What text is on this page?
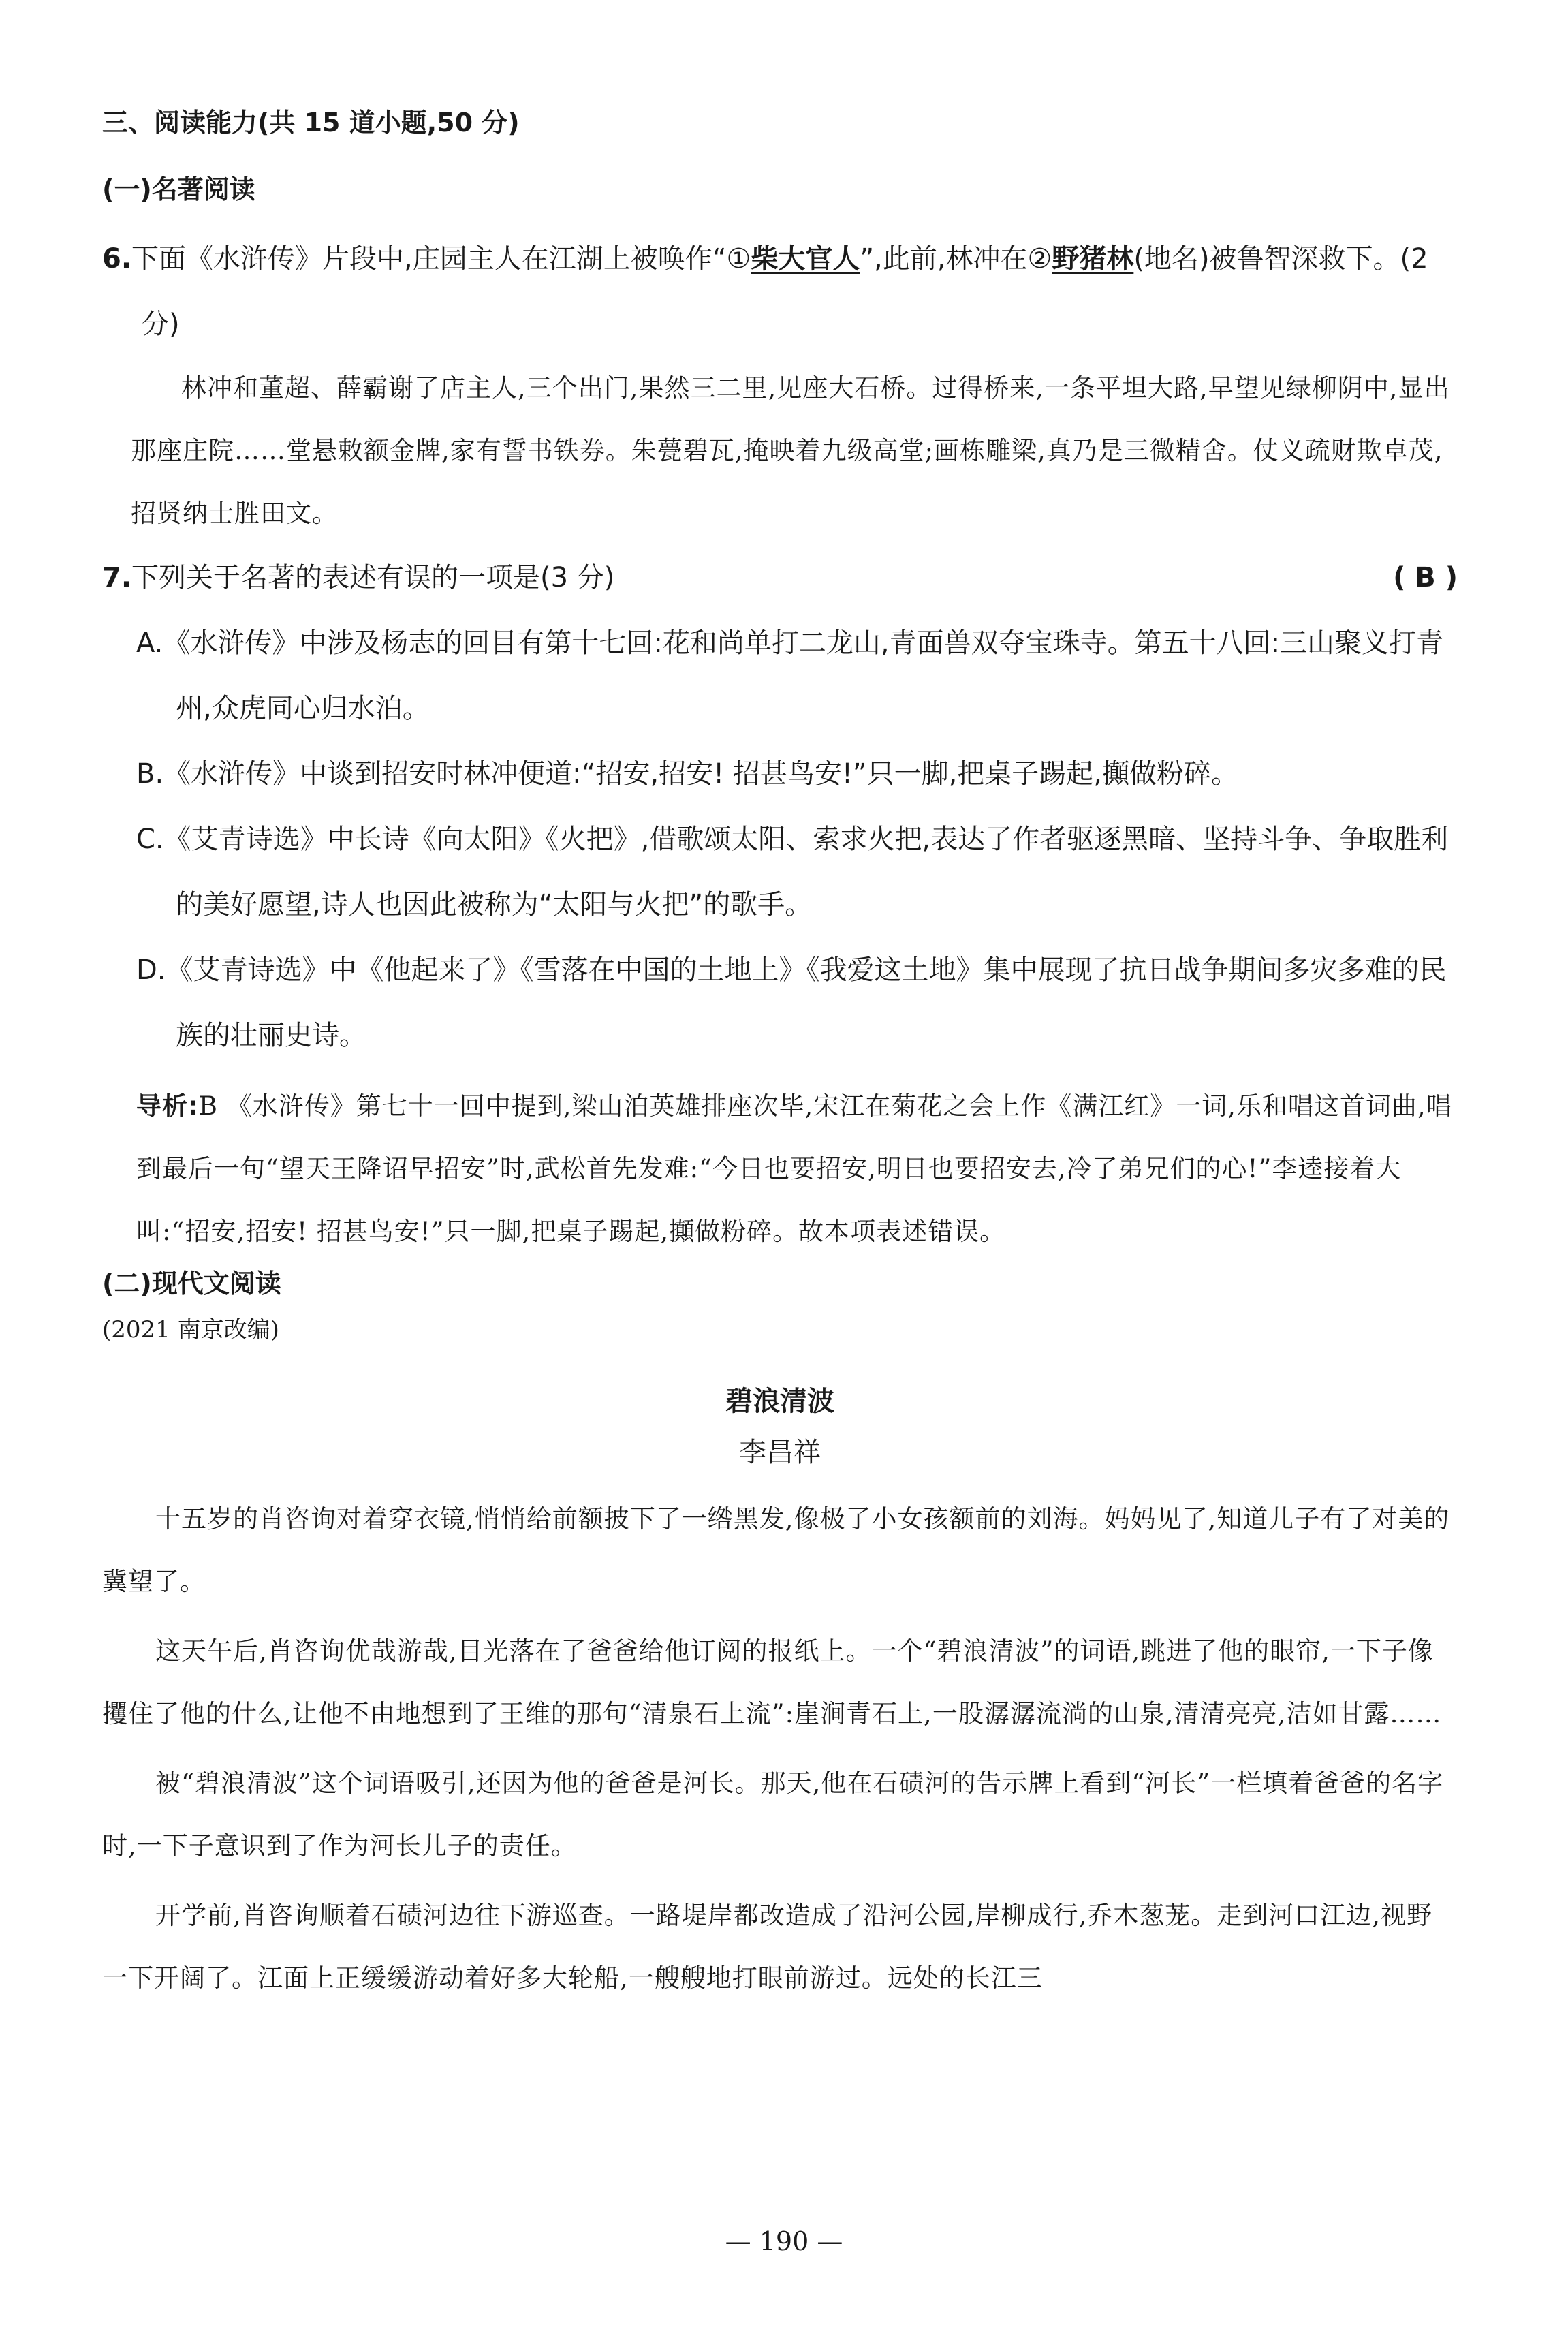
三、阅读能力(共 15 道小题,50 分)

(一)名著阅读

6.下面《水浒传》片段中,庄园主人在江湖上被唤作“①柴大官人”,此前,林冲在②野猪林(地名)被鲁智深救下。(2 分)

林冲和董超、薛霸谢了店主人,三个出门,果然三二里,见座大石桥。过得桥来,一条平坦大路,早望见绿柳阴中,显出那座庄院……堂悬敕额金牌,家有誓书铁券。朱甍碧瓦,掩映着九级高堂;画栋雕梁,真乃是三微精舍。仗义疏财欺卓茂,招贤纳士胜田文。

7.下列关于名著的表述有误的一项是(3 分)	( B )

A.《水浒传》中涉及杨志的回目有第十七回:花和尚单打二龙山,青面兽双夺宝珠寺。第五十八回:三山聚义打青州,众虎同心归水泊。

B.《水浒传》中谈到招安时林冲便道:“招安,招安! 招甚鸟安!”只一脚,把桌子踢起,攧做粉碎。

C.《艾青诗选》中长诗《向太阳》《火把》,借歌颂太阳、索求火把,表达了作者驱逐黑暗、坚持斗争、争取胜利的美好愿望,诗人也因此被称为“太阳与火把”的歌手。

D.《艾青诗选》中《他起来了》《雪落在中国的土地上》《我爱这土地》集中展现了抗日战争期间多灾多难的民族的壮丽史诗。

导析:B 《水浒传》第七十一回中提到,梁山泊英雄排座次毕,宋江在菊花之会上作《满江红》一词,乐和唱这首词曲,唱到最后一句“望天王降诏早招安”时,武松首先发难:“今日也要招安,明日也要招安去,冷了弟兄们的心!”李逵接着大叫:“招安,招安! 招甚鸟安!”只一脚,把桌子踢起,攧做粉碎。故本项表述错误。

(二)现代文阅读

(2021 南京改编)

碧浪清波

李昌祥

十五岁的肖咨询对着穿衣镜,悄悄给前额披下了一绺黑发,像极了小女孩额前的刘海。妈妈见了,知道儿子有了对美的冀望了。

这天午后,肖咨询优哉游哉,目光落在了爸爸给他订阅的报纸上。一个“碧浪清波”的词语,跳进了他的眼帘,一下子像攫住了他的什么,让他不由地想到了王维的那句“清泉石上流”:崖涧青石上,一股潺潺流淌的山泉,清清亮亮,洁如甘露……

被“碧浪清波”这个词语吸引,还因为他的爸爸是河长。那天,他在石碛河的告示牌上看到“河长”一栏填着爸爸的名字时,一下子意识到了作为河长儿子的责任。

开学前,肖咨询顺着石碛河边往下游巡查。一路堤岸都改造成了沿河公园,岸柳成行,乔木葱茏。走到河口江边,视野一下开阔了。江面上正缓缓游动着好多大轮船,一艘艘地打眼前游过。远处的长江三

— 190 —
